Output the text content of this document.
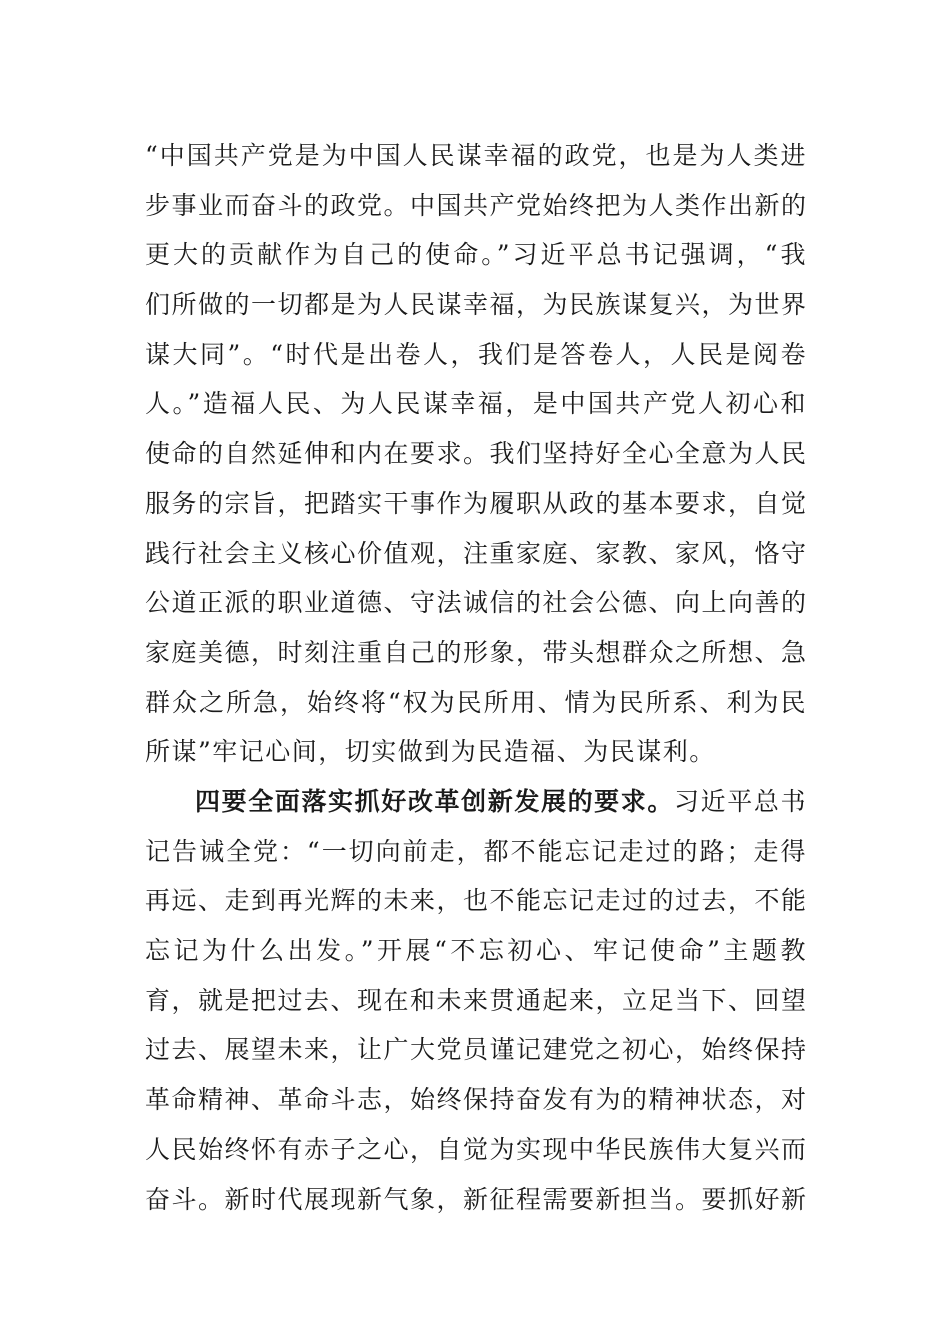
“中国共产党是为中国人民谋幸福的政党，也是为人类进
步事业而奋斗的政党。中国共产党始终把为人类作出新的
更大的贡献作为自己的使命。”习近平总书记强调，“我
们所做的一切都是为人民谋幸福，为民族谋复兴，为世界
谋大同”。“时代是出卷人，我们是答卷人，人民是阅卷
人。”造福人民、为人民谋幸福，是中国共产党人初心和
使命的自然延伸和内在要求。我们坚持好全心全意为人民
服务的宗旨，把踏实干事作为履职从政的基本要求，自觉
践行社会主义核心价值观，注重家庭、家教、家风，恪守
公道正派的职业道德、守法诚信的社会公德、向上向善的
家庭美德，时刻注重自己的形象，带头想群众之所想、急
群众之所急，始终将“权为民所用、情为民所系、利为民
所谋”牢记心间，切实做到为民造福、为民谋利。
四要全面落实抓好改革创新发展的要求。习近平总书
记告诫全党：“一切向前走，都不能忘记走过的路；走得
再远、走到再光辉的未来，也不能忘记走过的过去，不能
忘记为什么出发。”开展“不忘初心、牢记使命”主题教
育，就是把过去、现在和未来贯通起来，立足当下、回望
过去、展望未来，让广大党员谨记建党之初心，始终保持
革命精神、革命斗志，始终保持奋发有为的精神状态，对
人民始终怀有赤子之心，自觉为实现中华民族伟大复兴而
奋斗。新时代展现新气象，新征程需要新担当。要抓好新
